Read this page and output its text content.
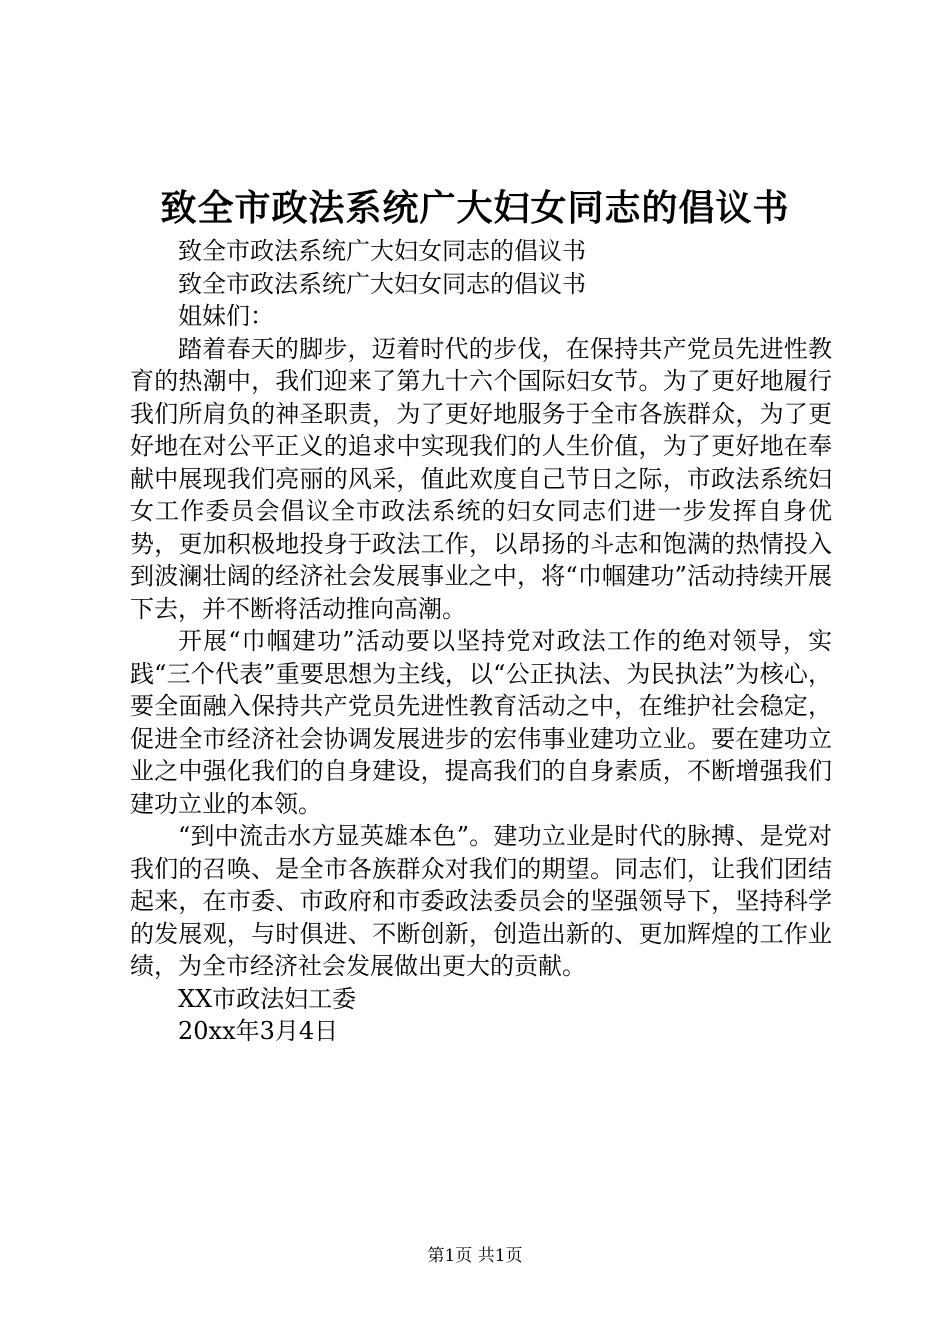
致全市政法系统广大妇女同志的倡议书

致全市政法系统广大妇女同志的倡议书

致全市政法系统广大妇女同志的倡议书

姐妹们：

踏着春天的脚步，迈着时代的步伐，在保持共产党员先进性教育的热潮中，我们迎来了第九十六个国际妇女节。为了更好地履行我们所肩负的神圣职责，为了更好地服务于全市各族群众，为了更好地在对公平正义的追求中实现我们的人生价值，为了更好地在奉献中展现我们亮丽的风采，值此欢度自己节日之际，市政法系统妇女工作委员会倡议全市政法系统的妇女同志们进一步发挥自身优势，更加积极地投身于政法工作，以昂扬的斗志和饱满的热情投入到波澜壮阔的经济社会发展事业之中，将“巾帼建功”活动持续开展下去，并不断将活动推向高潮。

开展“巾帼建功”活动要以坚持党对政法工作的绝对领导，实践“三个代表”重要思想为主线，以“公正执法、为民执法”为核心，要全面融入保持共产党员先进性教育活动之中，在维护社会稳定，促进全市经济社会协调发展进步的宏伟事业建功立业。要在建功立业之中强化我们的自身建设，提高我们的自身素质，不断增强我们建功立业的本领。

“到中流击水方显英雄本色”。建功立业是时代的脉搏、是党对我们的召唤、是全市各族群众对我们的期望。同志们，让我们团结起来，在市委、市政府和市委政法委员会的坚强领导下，坚持科学的发展观，与时俱进、不断创新，创造出新的、更加辉煌的工作业绩，为全市经济社会发展做出更大的贡献。

XX市政法妇工委

20xx年3月4日

第1页 共1页
